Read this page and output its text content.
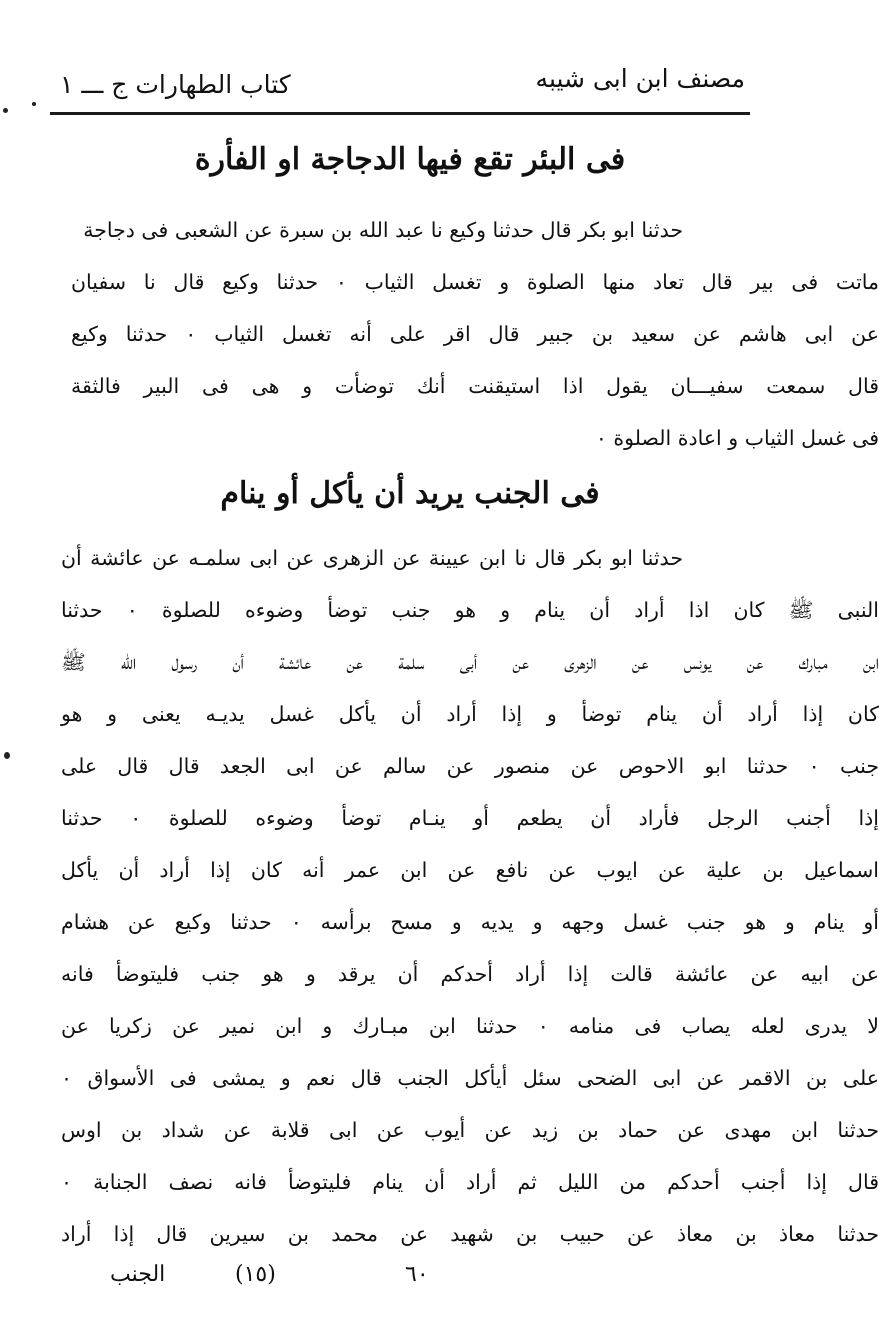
مصنف ابن ابی شیبه
کتاب الطهارات ج ـــ ۱
فی البئر تقع فیها الدجاجة او الفأرة
حدثنا ابو بکر قال حدثنا وکیع نا عبد الله بن سبرة عن الشعبی فی دجاجة
ماتت فی بیر قال تعاد منها الصلوة و تغسل الثیاب ۰ حدثنا وکیع قال نا سفیان
عن ابی هاشم عن سعید بن جبیر قال اقر علی أنه تغسل الثیاب ۰ حدثنا وکیع
قال سمعت سفیـــان یقول اذا استیقنت أنك توضأت و هی فی البیر فالثقة
فی غسل الثیاب و اعادة الصلوة ۰
فی الجنب یرید أن یأکل أو ینام
حدثنا ابو بکر قال نا ابن عیینة عن الزهری عن ابی سلمـه عن عائشة أن
النبی ﷺ کان اذا أراد أن ینام و هو جنب توضأ وضوءه للصلوة ۰ حدثنا
ابن مبارك عن یونس عن الزهری عن أبی سلمة عن عائشة أن رسول الله ﷺ
کان إذا أراد أن ینام توضأ و إذا أراد أن یأکل غسل یدیـه یعنی و هو
جنب ۰ حدثنا ابو الاحوص عن منصور عن سالم عن ابی الجعد قال قال علی
إذا أجنب الرجل فأراد أن یطعم أو ینـام توضأ وضوءه للصلوة ۰ حدثنا
اسماعیل بن علیة عن ایوب عن نافع عن ابن عمر أنه کان إذا أراد أن یأکل
أو ینام و هو جنب غسل وجهه و یدیه و مسح برأسه ۰ حدثنا وکیع عن هشام
عن ابیه عن عائشة قالت إذا أراد أحدکم أن یرقد و هو جنب فلیتوضأ فانه
لا یدری لعله یصاب فی منامه ۰ حدثنا ابن مبـارك و ابن نمیر عن زکریا عن
علی بن الاقمر عن ابی الضحی سئل أیأکل الجنب قال نعم و یمشی فی الأسواق ۰
حدثنا ابن مهدی عن حماد بن زید عن أیوب عن ابی قلابة عن شداد بن اوس
قال إذا أجنب أحدکم من اللیل ثم أراد أن ینام فلیتوضأ فانه نصف الجنابة ۰
حدثنا معاذ بن معاذ عن حبیب بن شهید عن محمد بن سیرین قال إذا أراد
الجنب	(١٥)	٦٠
